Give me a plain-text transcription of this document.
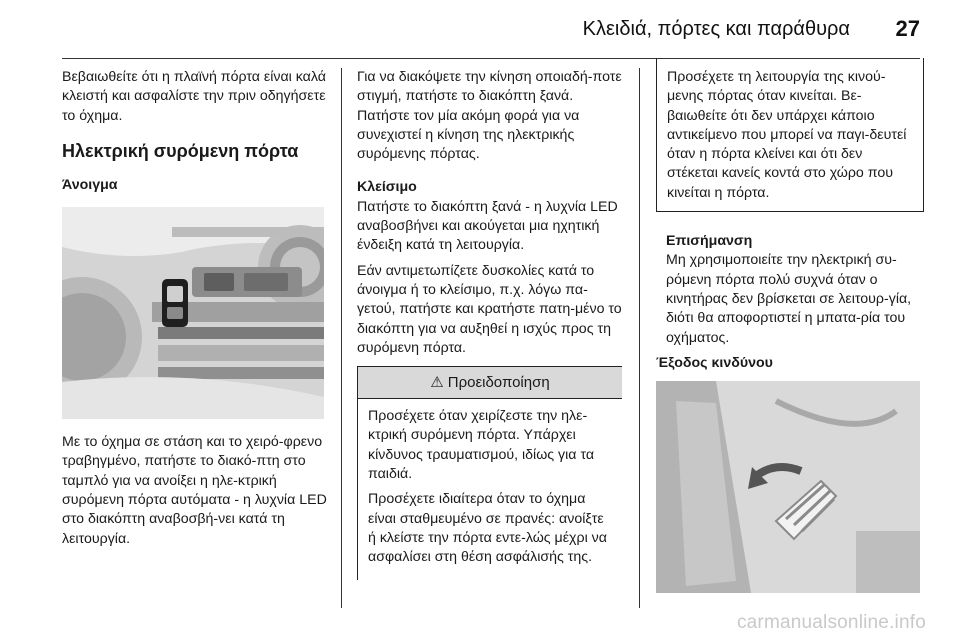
Κλειδιά, πόρτες και παράθυρα 27

Βεβαιωθείτε ότι η πλαϊνή πόρτα είναι καλά κλειστή και ασφαλίστε την πριν οδηγήσετε το όχημα.

Ηλεκτρική συρόμενη πόρτα

Άνοιγμα

Με το όχημα σε στάση και το χειρό-φρενο τραβηγμένο, πατήστε το διακό-πτη στο ταμπλό για να ανοίξει η ηλε-κτρική συρόμενη πόρτα αυτόματα - η λυχνία LED στο διακόπτη αναβοσβή-νει κατά τη λειτουργία.

Για να διακόψετε την κίνηση οποιαδή-ποτε στιγμή, πατήστε το διακόπτη ξανά. Πατήστε τον μία ακόμη φορά για να συνεχιστεί η κίνηση της ηλεκτρικής συρόμενης πόρτας.

Κλείσιμο

Πατήστε το διακόπτη ξανά - η λυχνία LED αναβοσβήνει και ακούγεται μια ηχητική ένδειξη κατά τη λειτουργία.

Εάν αντιμετωπίζετε δυσκολίες κατά το άνοιγμα ή το κλείσιμο, π.χ. λόγω πα-γετού, πατήστε και κρατήστε πατη-μένο το διακόπτη για να αυξηθεί η ισχύς προς τη συρόμενη πόρτα.

⚠ Προειδοποίηση

Προσέχετε όταν χειρίζεστε την ηλε-κτρική συρόμενη πόρτα. Υπάρχει κίνδυνος τραυματισμού, ιδίως για τα παιδιά.

Προσέχετε ιδιαίτερα όταν το όχημα είναι σταθμευμένο σε πρανές: ανοίξτε ή κλείστε την πόρτα εντε-λώς μέχρι να ασφαλίσει στη θέση ασφάλισής της.

Προσέχετε τη λειτουργία της κινού-μενης πόρτας όταν κινείται. Βε-βαιωθείτε ότι δεν υπάρχει κάποιο αντικείμενο που μπορεί να παγι-δευτεί όταν η πόρτα κλείνει και ότι δεν στέκεται κανείς κοντά στο χώρο που κινείται η πόρτα.

Επισήμανση

Μη χρησιμοποιείτε την ηλεκτρική συ-ρόμενη πόρτα πολύ συχνά όταν ο κινητήρας δεν βρίσκεται σε λειτουρ-γία, διότι θα αποφορτιστεί η μπατα-ρία του οχήματος.

Έξοδος κινδύνου

carmanualsonline.info
